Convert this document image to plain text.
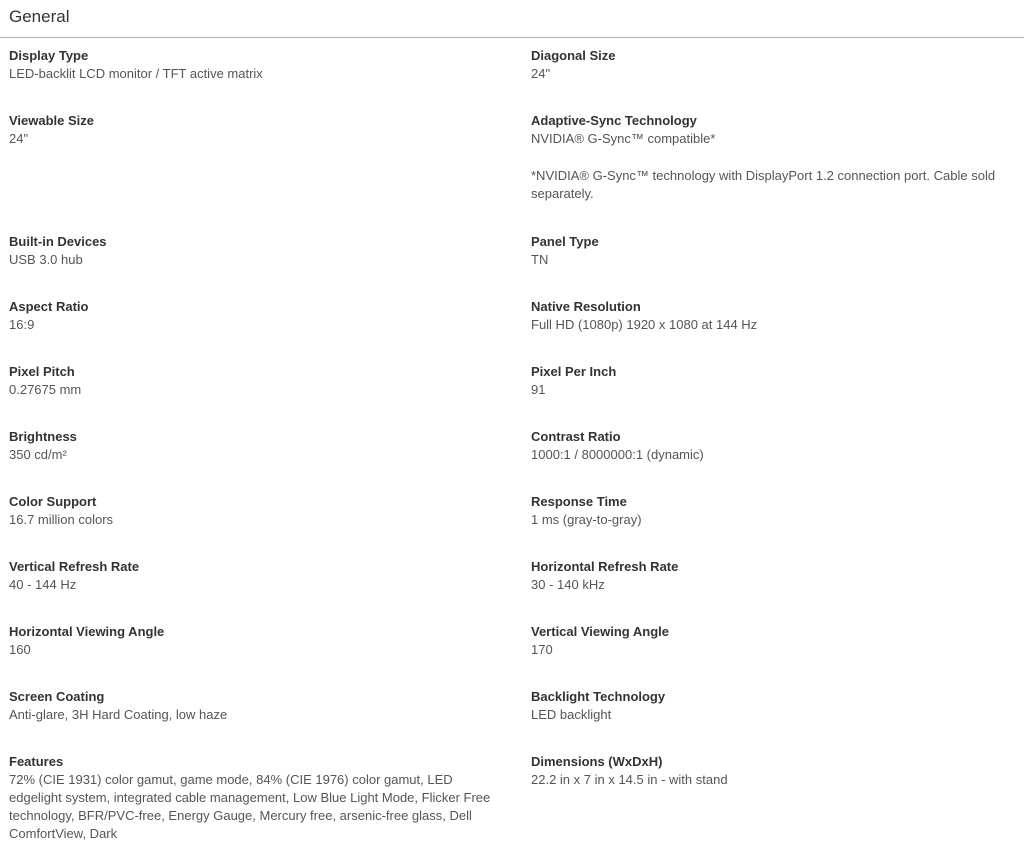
General
Display Type
LED-backlit LCD monitor / TFT active matrix
Diagonal Size
24"
Viewable Size
24"
Adaptive-Sync Technology
NVIDIA® G-Sync™ compatible*
*NVIDIA® G-Sync™ technology with DisplayPort 1.2 connection port. Cable sold separately.
Built-in Devices
USB 3.0 hub
Panel Type
TN
Aspect Ratio
16:9
Native Resolution
Full HD (1080p) 1920 x 1080 at 144 Hz
Pixel Pitch
0.27675 mm
Pixel Per Inch
91
Brightness
350 cd/m²
Contrast Ratio
1000:1 / 8000000:1 (dynamic)
Color Support
16.7 million colors
Response Time
1 ms (gray-to-gray)
Vertical Refresh Rate
40 - 144 Hz
Horizontal Refresh Rate
30 - 140 kHz
Horizontal Viewing Angle
160
Vertical Viewing Angle
170
Screen Coating
Anti-glare, 3H Hard Coating, low haze
Backlight Technology
LED backlight
Features
72% (CIE 1931) color gamut, game mode, 84% (CIE 1976) color gamut, LED edgelight system, integrated cable management, Low Blue Light Mode, Flicker Free technology, BFR/PVC-free, Energy Gauge, Mercury free, arsenic-free glass, Dell ComfortView, Dark
Dimensions (WxDxH)
22.2 in x 7 in x 14.5 in - with stand
